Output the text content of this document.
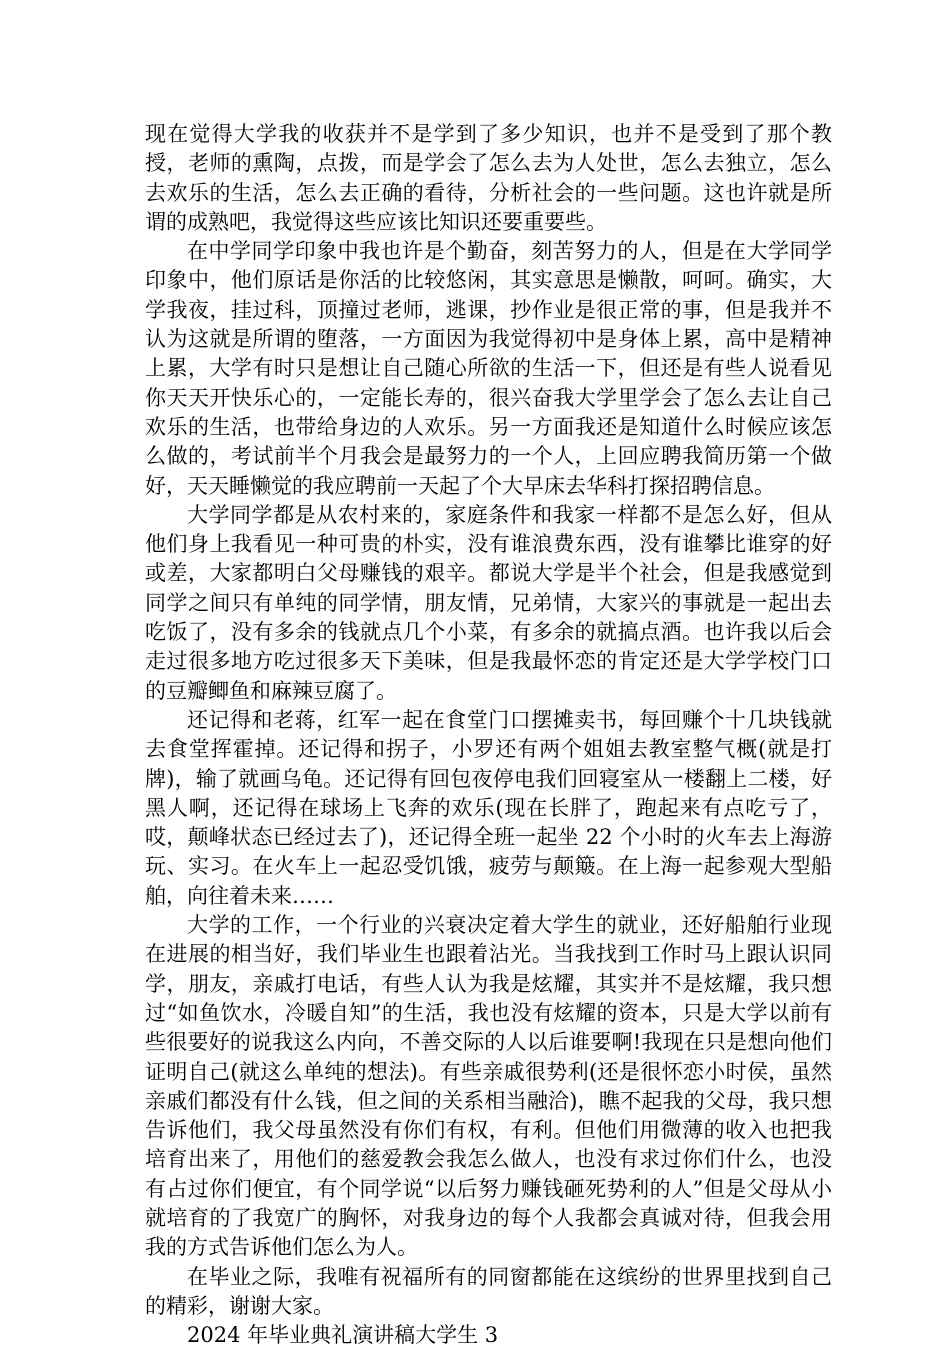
现在觉得大学我的收获并不是学到了多少知识，也并不是受到了那个教授，老师的熏陶，点拨，而是学会了怎么去为人处世，怎么去独立，怎么去欢乐的生活，怎么去正确的看待，分析社会的一些问题。这也许就是所谓的成熟吧，我觉得这些应该比知识还要重要些。

在中学同学印象中我也许是个勤奋，刻苦努力的人，但是在大学同学印象中，他们原话是你活的比较悠闲，其实意思是懒散，呵呵。确实，大学我夜，挂过科，顶撞过老师，逃课，抄作业是很正常的事，但是我并不认为这就是所谓的堕落，一方面因为我觉得初中是身体上累，高中是精神上累，大学有时只是想让自己随心所欲的生活一下，但还是有些人说看见你天天开快乐心的，一定能长寿的，很兴奋我大学里学会了怎么去让自己欢乐的生活，也带给身边的人欢乐。另一方面我还是知道什么时候应该怎么做的，考试前半个月我会是最努力的一个人，上回应聘我简历第一个做好，天天睡懒觉的我应聘前一天起了个大早床去华科打探招聘信息。

大学同学都是从农村来的，家庭条件和我家一样都不是怎么好，但从他们身上我看见一种可贵的朴实，没有谁浪费东西，没有谁攀比谁穿的好或差，大家都明白父母赚钱的艰辛。都说大学是半个社会，但是我感觉到同学之间只有单纯的同学情，朋友情，兄弟情，大家兴的事就是一起出去吃饭了，没有多余的钱就点几个小菜，有多余的就搞点酒。也许我以后会走过很多地方吃过很多天下美味，但是我最怀恋的肯定还是大学学校门口的豆瓣鲫鱼和麻辣豆腐了。

还记得和老蒋，红军一起在食堂门口摆摊卖书，每回赚个十几块钱就去食堂挥霍掉。还记得和拐子，小罗还有两个姐姐去教室整气概(就是打牌)，输了就画乌龟。还记得有回包夜停电我们回寝室从一楼翻上二楼，好黑人啊，还记得在球场上飞奔的欢乐(现在长胖了，跑起来有点吃亏了，哎，颠峰状态已经过去了)，还记得全班一起坐 22 个小时的火车去上海游玩、实习。在火车上一起忍受饥饿，疲劳与颠簸。在上海一起参观大型船舶，向往着未来……

大学的工作，一个行业的兴衰决定着大学生的就业，还好船舶行业现在进展的相当好，我们毕业生也跟着沾光。当我找到工作时马上跟认识同学，朋友，亲戚打电话，有些人认为我是炫耀，其实并不是炫耀，我只想过“如鱼饮水，冷暖自知”的生活，我也没有炫耀的资本，只是大学以前有些很要好的说我这么内向，不善交际的人以后谁要啊!我现在只是想向他们证明自己(就这么单纯的想法)。有些亲戚很势利(还是很怀恋小时侯，虽然亲戚们都没有什么钱，但之间的关系相当融洽)，瞧不起我的父母，我只想告诉他们，我父母虽然没有你们有权，有利。但他们用微薄的收入也把我培育出来了，用他们的慈爱教会我怎么做人，也没有求过你们什么，也没有占过你们便宜，有个同学说“以后努力赚钱砸死势利的人”但是父母从小就培育的了我宽广的胸怀，对我身边的每个人我都会真诚对待，但我会用我的方式告诉他们怎么为人。

在毕业之际，我唯有祝福所有的同窗都能在这缤纷的世界里找到自己的精彩，谢谢大家。

2024 年毕业典礼演讲稿大学生 3
